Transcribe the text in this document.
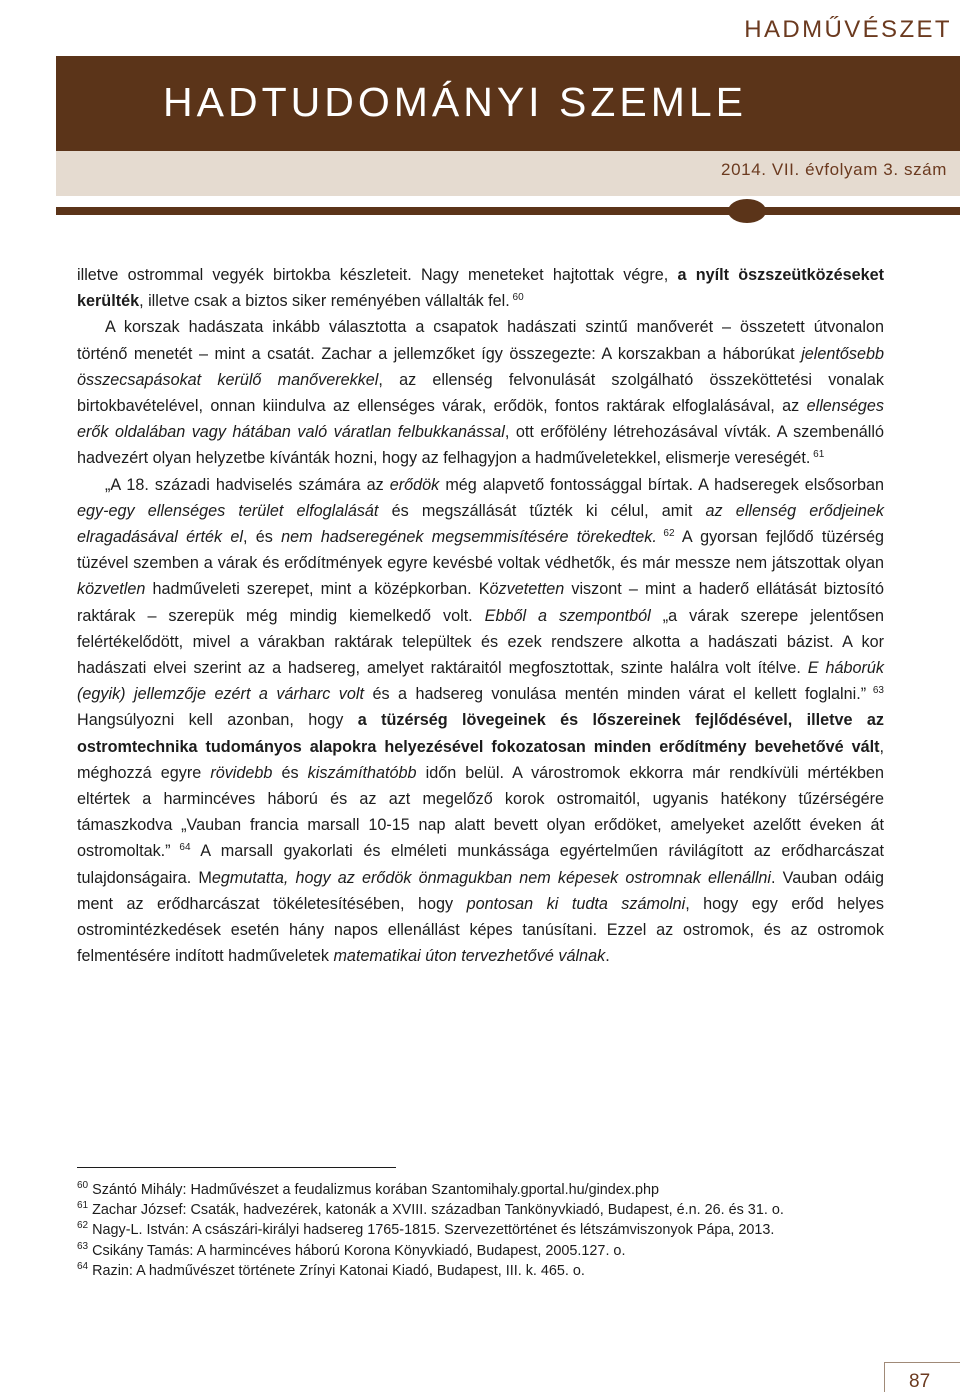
HADMŰVÉSZET
HADTUDOMÁNYI SZEMLE
2014. VII. évfolyam 3. szám

illetve ostrommal vegyék birtokba készleteit. Nagy meneteket hajtottak végre, a nyílt öszszeütközéseket kerülték, illetve csak a biztos siker reményében vállalták fel. $^{60}$

A korszak hadászata inkább választotta a csapatok hadászati szintű manőverét – összetett útvonalon történő menetét – mint a csatát. Zachar a jellemzőket így összegezte: A korszakban a háborúkat jelentősebb összecsapásokat kerülő manőverekkel, az ellenség felvonulását szolgálható összeköttetési vonalak birtokbavételével, onnan kiindulva az ellenséges várak, erődök, fontos raktárak elfoglalásával, az ellenséges erők oldalában vagy hátában való váratlan felbukkanással, ott erőfölény létrehozásával vívták. A szembenálló hadvezért olyan helyzetbe kívánták hozni, hogy az felhagyjon a hadműveletekkel, elismerje vereségét. $^{61}$

„A 18. századi hadviselés számára az erődök még alapvető fontossággal bírtak. A hadseregek elsősorban egy-egy ellenséges terület elfoglalását és megszállását tűzték ki célul, amit az ellenség erődjeinek elragadásával érték el, és nem hadseregének megsemmisítésére törekedtek. $^{62}$ A gyorsan fejlődő tüzérség tüzével szemben a várak és erődítmények egyre kevésbé voltak védhetők, és már messze nem játszottak olyan közvetlen hadműveleti szerepet, mint a középkorban. Közvetetten viszont – mint a haderő ellátását biztosító raktárak – szerepük még mindig kiemelkedő volt. Ebből a szempontból „a várak szerepe jelentősen felértékelődött, mivel a várakban raktárak települtek és ezek rendszere alkotta a hadászati bázist. A kor hadászati elvei szerint az a hadsereg, amelyet raktáraitól megfosztottak, szinte halálra volt ítélve. E háborúk (egyik) jellemzője ezért a várharc volt és a hadsereg vonulása mentén minden várat el kellett foglalni.” $^{63}$ Hangsúlyozni kell azonban, hogy a tüzérség lövegeinek és lőszereinek fejlődésével, illetve az ostromtechnika tudományos alapokra helyezésével fokozatosan minden erődítmény bevehetővé vált, méghozzá egyre rövidebb és kiszámíthatóbb időn belül. A várostromok ekkorra már rendkívüli mértékben eltértek a harmincéves háború és az azt megelőző korok ostromaitól, ugyanis hatékony tűzérségére támaszkodva „Vauban francia marsall 10-15 nap alatt bevett olyan erődöket, amelyeket azelőtt éveken át ostromoltak.” $^{64}$ A marsall gyakorlati és elméleti munkássága egyértelműen rávilágított az erődharcászat tulajdonságaira. Megmutatta, hogy az erődök önmagukban nem képesek ostromnak ellenállni. Vauban odáig ment az erődharcászat tökéletesítésében, hogy pontosan ki tudta számolni, hogy egy erőd helyes ostromintézkedések esetén hány napos ellenállást képes tanúsítani. Ezzel az ostromok, és az ostromok felmentésére indított hadműveletek matematikai úton tervezhetővé válnak.

$^{60}$ Szántó Mihály: Hadművészet a feudalizmus korában Szantomihaly.gportal.hu/gindex.php

$^{61}$ Zachar József: Csaták, hadvezérek, katonák a XVIII. században Tankönyvkiadó, Budapest, é.n. 26. és 31. o.

$^{62}$ Nagy-L. István: A császári-királyi hadsereg 1765-1815. Szervezettörténet és létszámviszonyok Pápa, 2013.

$^{63}$ Csikány Tamás: A harmincéves háború Korona Könyvkiadó, Budapest, 2005.127. o.

$^{64}$ Razin: A hadművészet története Zrínyi Katonai Kiadó, Budapest, III. k. 465. o.

87
